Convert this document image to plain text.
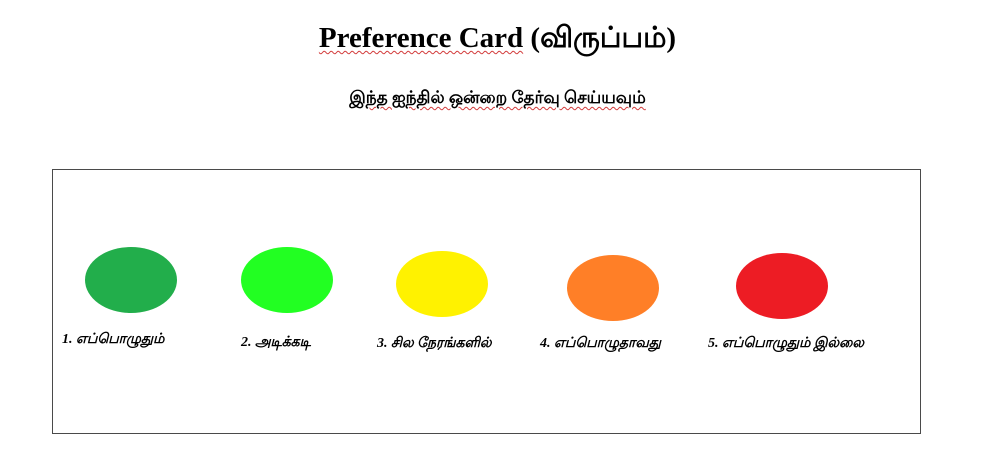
Preference Card (விருப்பம்)
இந்த ஐந்தில் ஒன்றை தேர்வு செய்யவும்
1. எப்பொழுதும்	2. அடிக்கடி	3. சில நேரங்களில்	4. எப்பொழுதாவது	5. எப்பொழுதும் இல்லை
